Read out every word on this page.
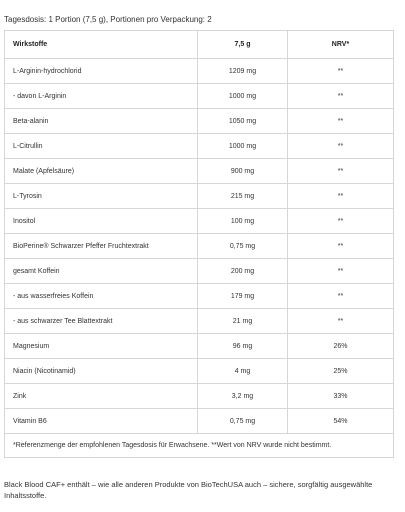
Tagesdosis: 1 Portion (7,5 g), Portionen pro Verpackung: 2
Wirkstoffe	7,5 g	NRV*
L-Arginin-hydrochlorid	1209 mg	**
- davon L-Arginin	1000 mg	**
Beta-alanin	1050 mg	**
L-Citrullin	1000 mg	**
Malate (Apfelsäure)	900 mg	**
L-Tyrosin	215 mg	**
Inositol	100 mg	**
BioPerine® Schwarzer Pfeffer Fruchtextrakt	0,75 mg	**
gesamt Koffein	200 mg	**
- aus wasserfreies Koffein	179 mg	**
- aus schwarzer Tee Blattextrakt	21 mg	**
Magnesium	96 mg	26%
Niacin (Nicotinamid)	4 mg	25%
Zink	3,2 mg	33%
Vitamin B6	0,75 mg	54%
*Referenzmenge der empfohlenen Tagesdosis für Erwachsene. **Wert von NRV wurde nicht bestimmt.		
Black Blood CAF+ enthält – wie alle anderen Produkte von BioTechUSA auch – sichere, sorgfältig ausgewählte Inhaltsstoffe.
